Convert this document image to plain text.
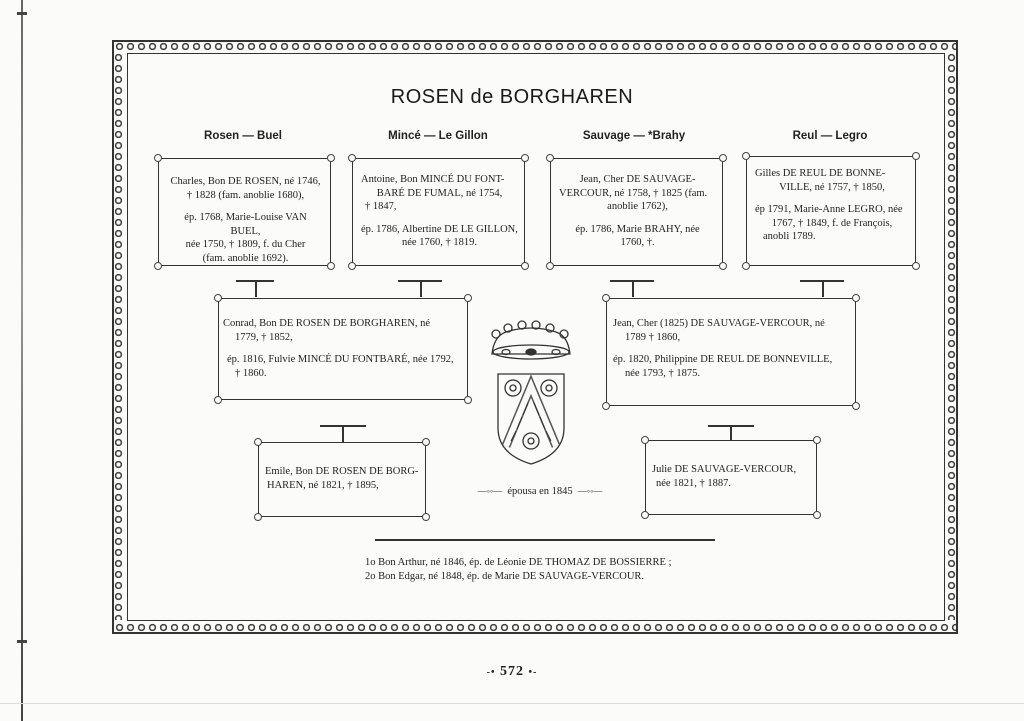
ROSEN de BORGHAREN
Rosen — Buel	Mincé — Le Gillon	Sauvage — *Brahy	Reul — Legro

Charles, Bon DE ROSEN, né 1746,

† 1828 (fam. anoblie 1680),

ép. 1768, Marie-Louise VAN BUEL,

née 1750, † 1809, f. du Cher

(fam. anoblie 1692).

Antoine, Bon MINCÉ DU FONT-

BARÉ DE FUMAL, né 1754,

† 1847,

ép. 1786, Albertine DE LE GILLON,

née 1760, † 1819.

Jean, Cher DE SAUVAGE-

VERCOUR, né 1758, † 1825 (fam.

anoblie 1762),

ép. 1786, Marie BRAHY, née

1760, †.

Gilles DE REUL DE BONNE-

VILLE, né 1757, † 1850,

ép 1791, Marie-Anne LEGRO, née

1767, † 1849, f. de François,

anobli 1789.

Conrad, Bon DE ROSEN DE BORGHAREN, né

1779, † 1852,

ép. 1816, Fulvie MINCÉ DU FONTBARÉ, née 1792,

† 1860.

Jean, Cher (1825) DE SAUVAGE-VERCOUR, né

1789 † 1860,

ép. 1820, Philippine DE REUL DE BONNEVILLE,

née 1793, † 1875.

Emile, Bon DE ROSEN DE BORG-

HAREN, né 1821, † 1895,

Julie DE SAUVAGE-VERCOUR,

née 1821, † 1887.

—◦◦— épousa en 1845 —◦◦—

1o Bon Arthur, né 1846, ép. de Léonie DE THOMAZ DE BOSSIERRE ;

2o Bon Edgar, né 1848, ép. de Marie DE SAUVAGE-VERCOUR.

-• 572 •-
